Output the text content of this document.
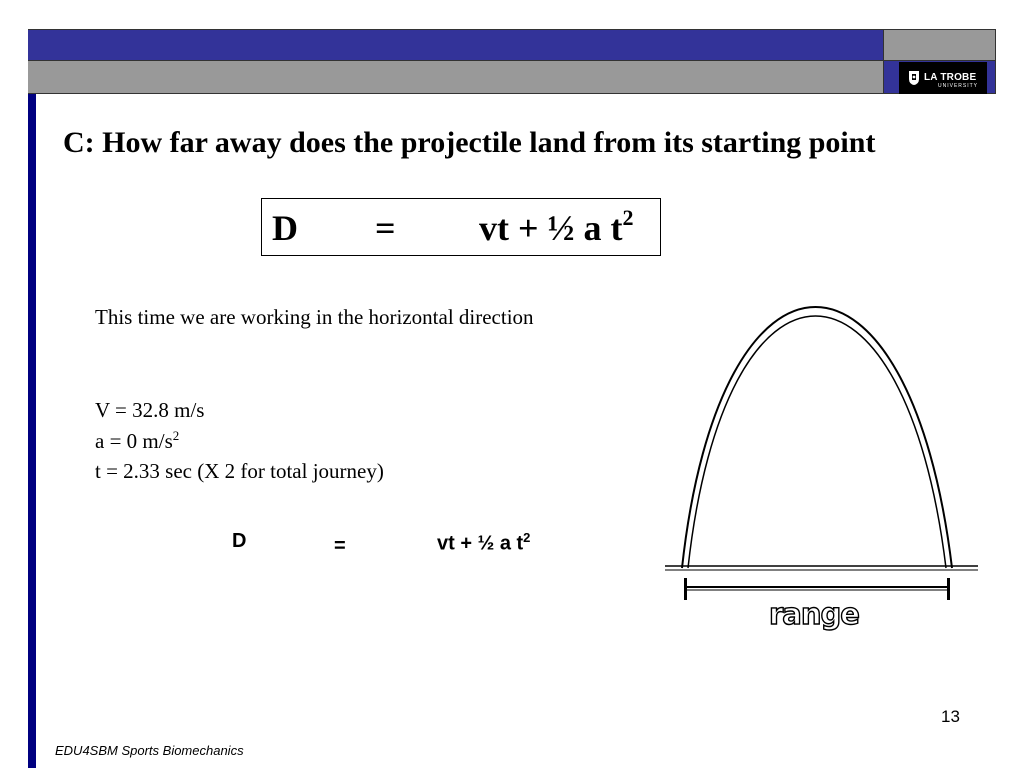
LA TROBE
UNIVERSITY
C: How far away does the projectile land from its starting point
D = vt + ½ a $t^2$
This time we are working in the horizontal direction
V = 32.8 m/s
a = 0 $m/s^2$
t = 2.33 sec (X 2 for total journey)
D	=	vt + ½ a $t^2$
range
13
EDU4SBM Sports Biomechanics
